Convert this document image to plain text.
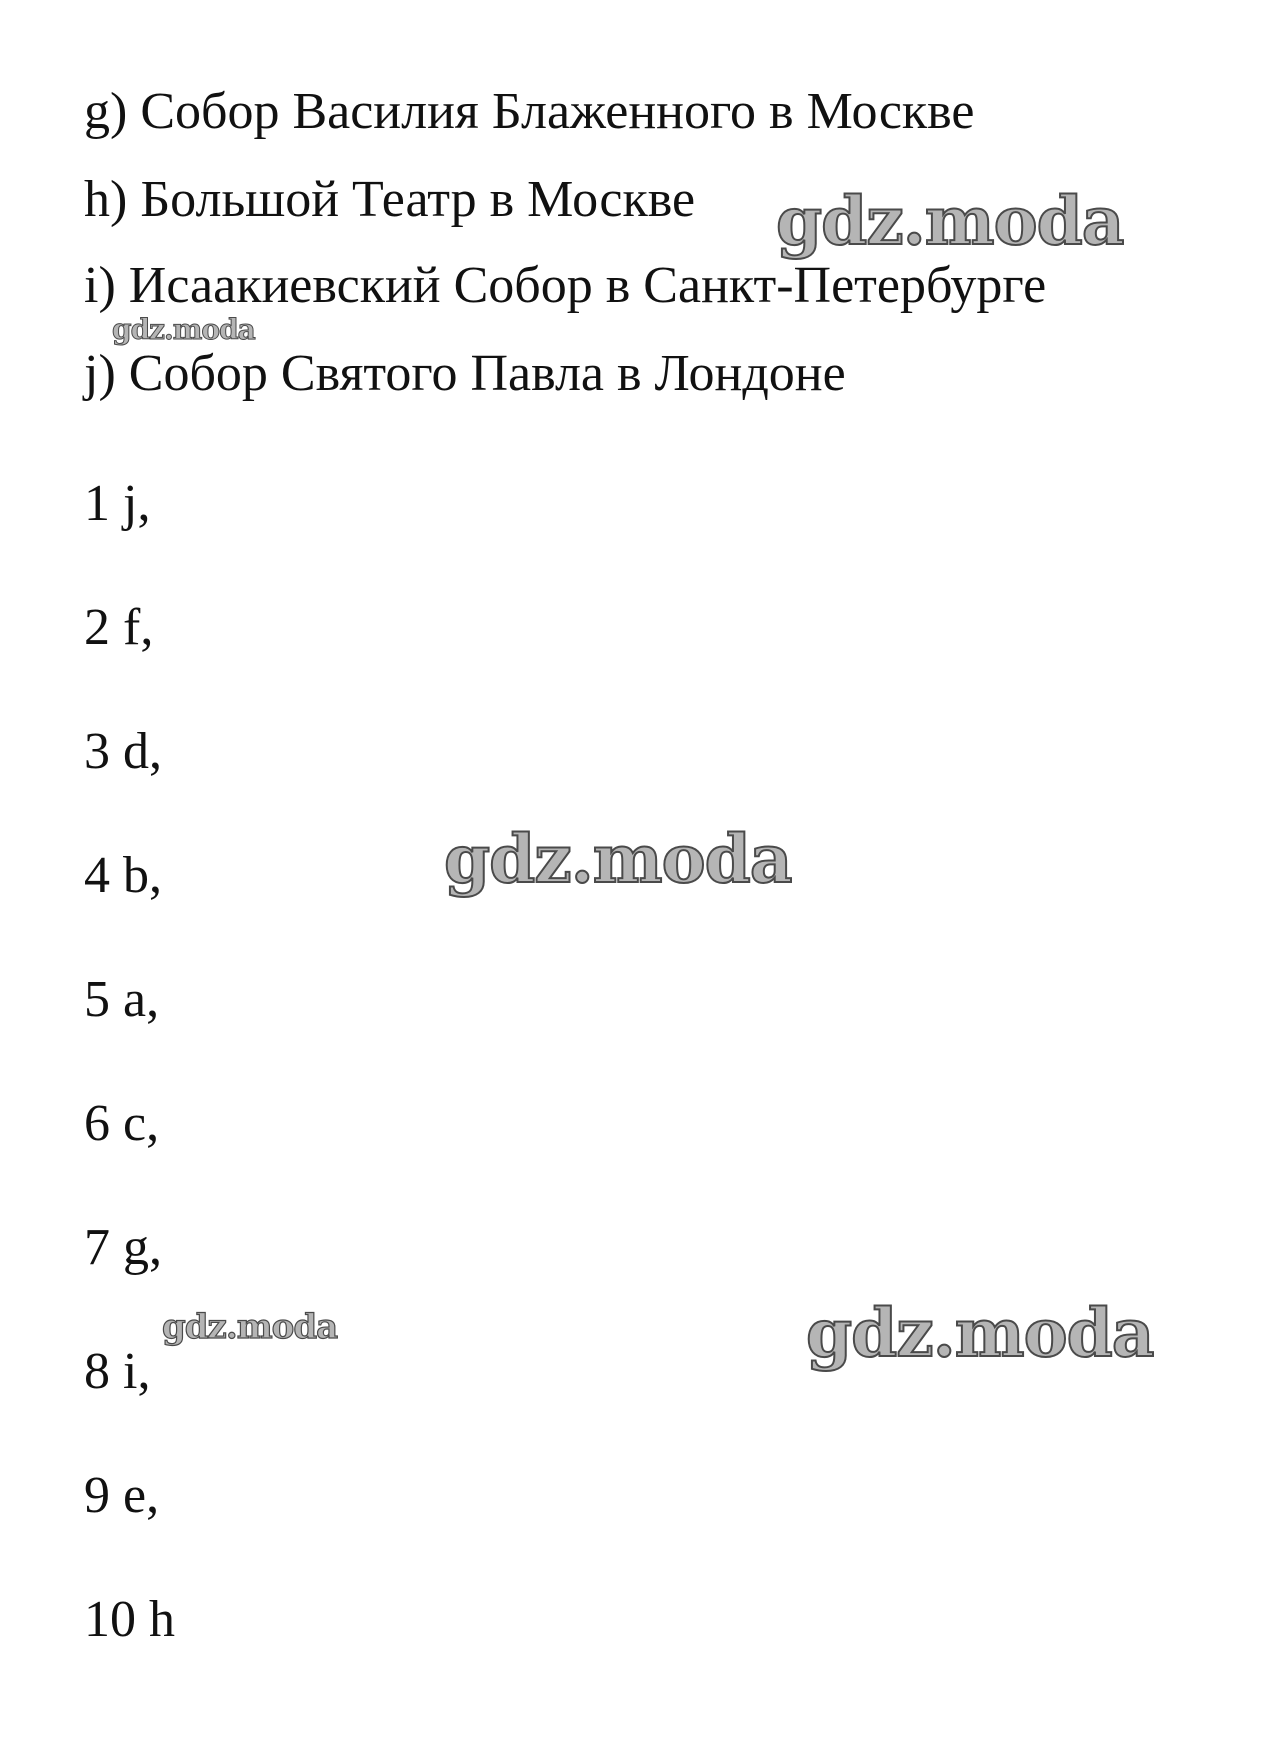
g) Собор Василия Блаженного в Москве

h) Большой Театр в Москве

i) Исаакиевский Собор в Санкт-Петербурге

j) Собор Святого Павла в Лондоне

1 j,

2 f,

3 d,

4 b,

5 a,

6 c,

7 g,

8 i,

9 e,

10 h

gdz.moda
gdz.moda
gdz.moda
gdz.moda	gdz.moda
